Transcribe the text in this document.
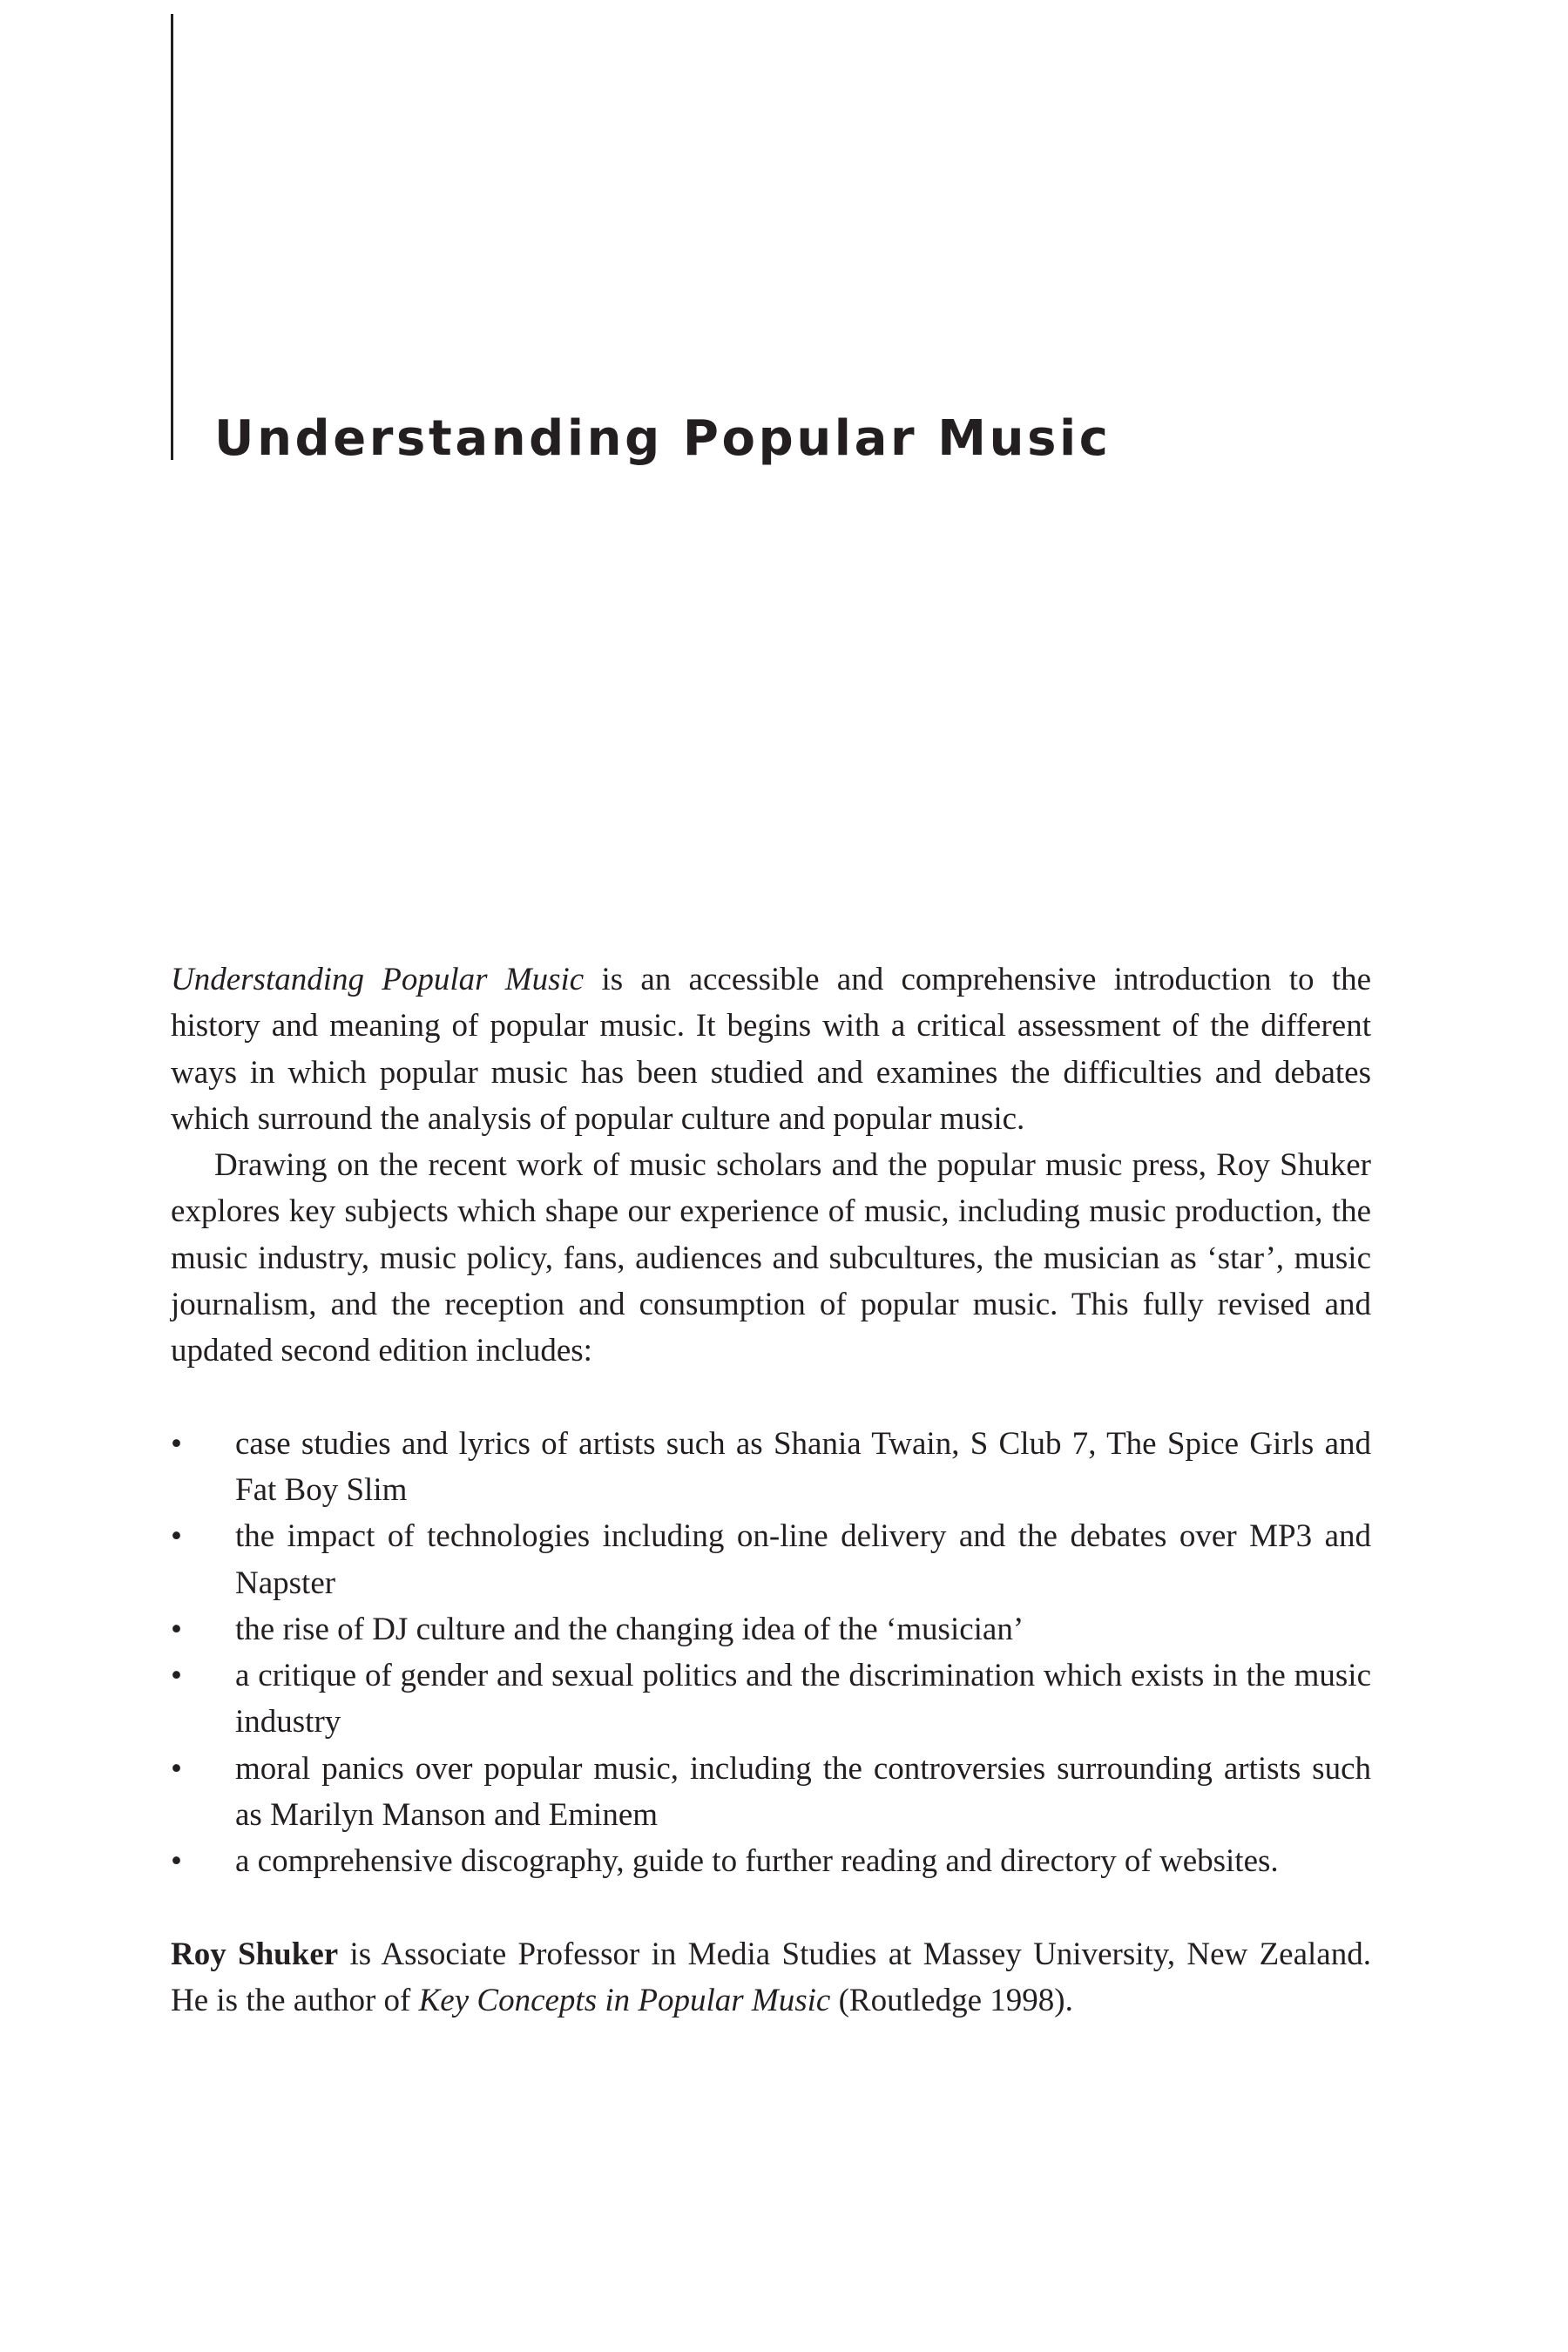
Understanding Popular Music

Understanding Popular Music is an accessible and comprehensive introduction to the history and meaning of popular music. It begins with a critical assessment of the different ways in which popular music has been studied and examines the difficulties and debates which surround the analysis of popular culture and popular music.

Drawing on the recent work of music scholars and the popular music press, Roy Shuker explores key subjects which shape our experience of music, including music production, the music industry, music policy, fans, audiences and subcultures, the musician as ‘star’, music journalism, and the reception and consumption of popular music. This fully revised and updated second edition includes:

• case studies and lyrics of artists such as Shania Twain, S Club 7, The Spice Girls and Fat Boy Slim
• the impact of technologies including on-line delivery and the debates over MP3 and Napster
• the rise of DJ culture and the changing idea of the ‘musician’
• a critique of gender and sexual politics and the discrimination which exists in the music industry
• moral panics over popular music, including the controversies surrounding artists such as Marilyn Manson and Eminem
• a comprehensive discography, guide to further reading and directory of websites.

Roy Shuker is Associate Professor in Media Studies at Massey University, New Zealand. He is the author of Key Concepts in Popular Music (Routledge 1998).
